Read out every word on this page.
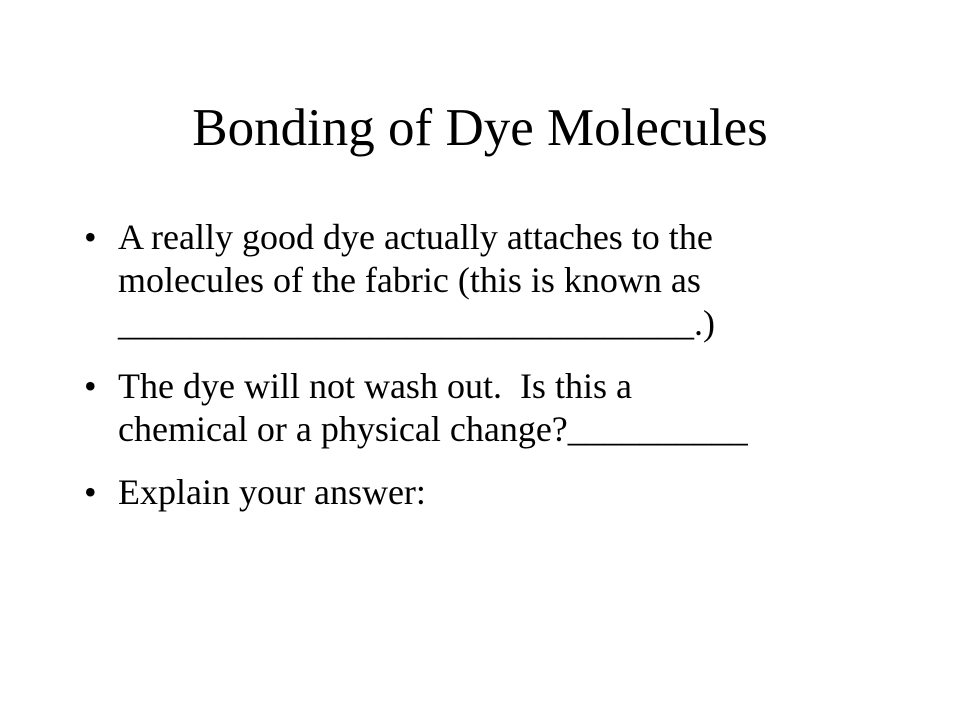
Bonding of Dye Molecules
• A really good dye actually attaches to the
molecules of the fabric (this is known as
________________________________.)
• The dye will not wash out.  Is this a
chemical or a physical change?__________
• Explain your answer:
